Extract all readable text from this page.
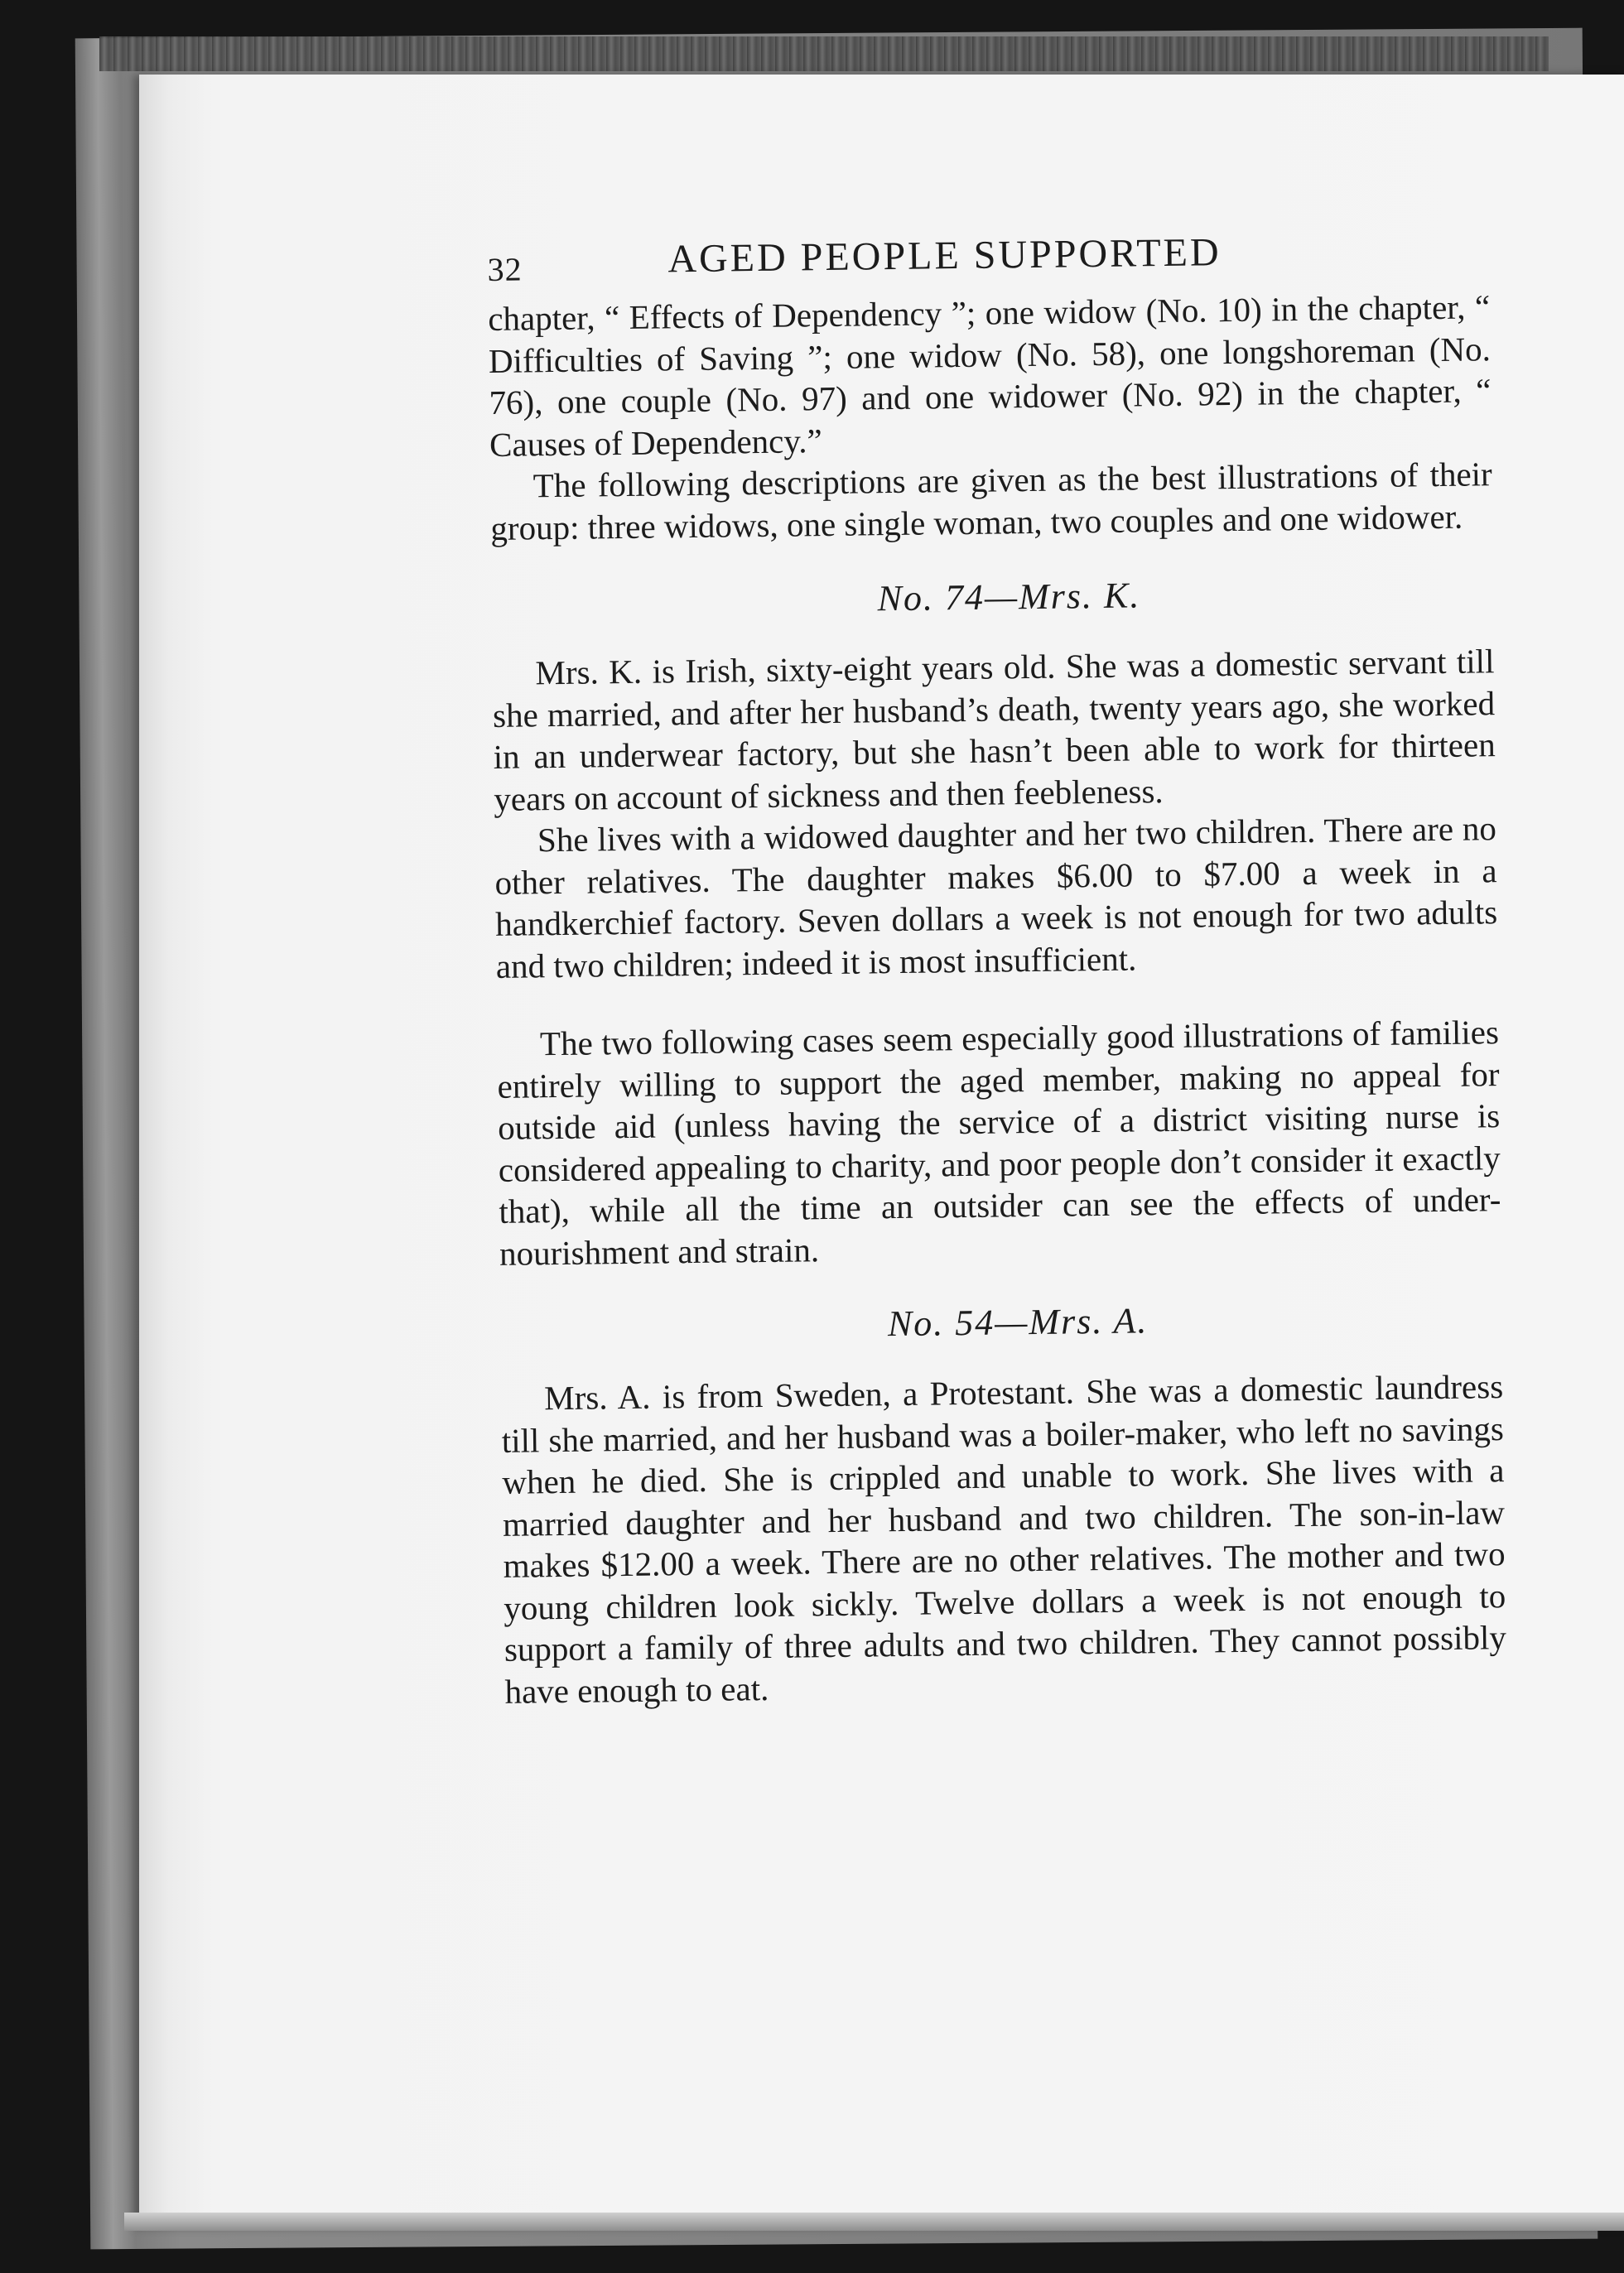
32	AGED PEOPLE SUPPORTED

chapter, “ Effects of Dependency ”; one widow (No. 10) in the chapter, “ Difficulties of Saving ”; one widow (No. 58), one longshoreman (No. 76), one couple (No. 97) and one widower (No. 92) in the chapter, “ Causes of Dependency.”

The following descriptions are given as the best illustrations of their group: three widows, one single woman, two couples and one widower.

No. 74—Mrs. K.

Mrs. K. is Irish, sixty-eight years old. She was a domestic servant till she married, and after her husband’s death, twenty years ago, she worked in an underwear factory, but she hasn’t been able to work for thirteen years on account of sickness and then feebleness.

She lives with a widowed daughter and her two children. There are no other relatives. The daughter makes $6.00 to $7.00 a week in a handkerchief factory. Seven dollars a week is not enough for two adults and two children; indeed it is most insufficient.

The two following cases seem especially good illustrations of families entirely willing to support the aged member, making no appeal for outside aid (unless having the service of a district visiting nurse is considered appealing to charity, and poor people don’t consider it exactly that), while all the time an outsider can see the effects of under-nourishment and strain.

No. 54—Mrs. A.

Mrs. A. is from Sweden, a Protestant. She was a domestic laundress till she married, and her husband was a boiler-maker, who left no savings when he died. She is crippled and unable to work. She lives with a married daughter and her husband and two children. The son-in-law makes $12.00 a week. There are no other relatives. The mother and two young children look sickly. Twelve dollars a week is not enough to support a family of three adults and two children. They cannot possibly have enough to eat.
